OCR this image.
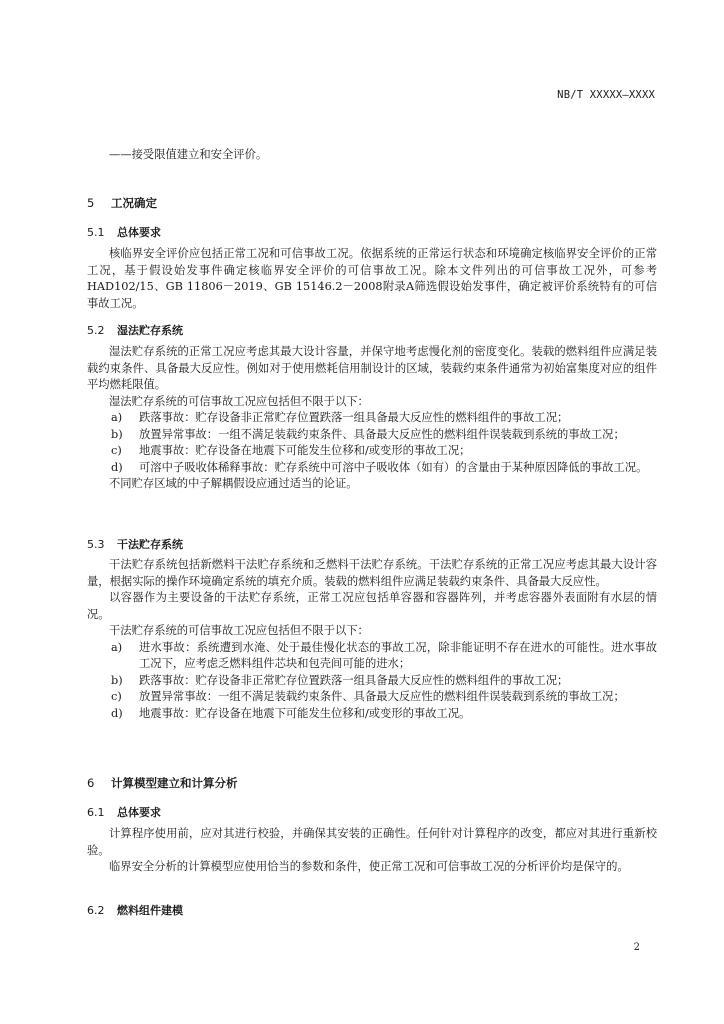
NB/T XXXXX—XXXX

——接受限值建立和安全评价。

5 工况确定
5.1 总体要求

核临界安全评价应包括正常工况和可信事故工况。依据系统的正常运行状态和环境确定核临界安全评价的正常工况，基于假设始发事件确定核临界安全评价的可信事故工况。除本文件列出的可信事故工况外，可参考HAD102/15、GB 11806－2019、GB 15146.2－2008附录A筛选假设始发事件，确定被评价系统特有的可信事故工况。

5.2 湿法贮存系统

湿法贮存系统的正常工况应考虑其最大设计容量，并保守地考虑慢化剂的密度变化。装载的燃料组件应满足装载约束条件、具备最大反应性。例如对于使用燃耗信用制设计的区域，装载约束条件通常为初始富集度对应的组件平均燃耗限值。

湿法贮存系统的可信事故工况应包括但不限于以下：

a)	跌落事故：贮存设备非正常贮存位置跌落一组具备最大反应性的燃料组件的事故工况；
b)	放置异常事故：一组不满足装载约束条件、具备最大反应性的燃料组件误装载到系统的事故工况；
c)	地震事故：贮存设备在地震下可能发生位移和/或变形的事故工况；
d)	可溶中子吸收体稀释事故：贮存系统中可溶中子吸收体（如有）的含量由于某种原因降低的事故工况。

不同贮存区域的中子解耦假设应通过适当的论证。

5.3 干法贮存系统

干法贮存系统包括新燃料干法贮存系统和乏燃料干法贮存系统。干法贮存系统的正常工况应考虑其最大设计容量，根据实际的操作环境确定系统的填充介质。装载的燃料组件应满足装载约束条件、具备最大反应性。

以容器作为主要设备的干法贮存系统，正常工况应包括单容器和容器阵列，并考虑容器外表面附有水层的情况。

干法贮存系统的可信事故工况应包括但不限于以下：

a)	进水事故：系统遭到水淹、处于最佳慢化状态的事故工况，除非能证明不存在进水的可能性。进水事故工况下，应考虑乏燃料组件芯块和包壳间可能的进水；
b)	跌落事故：贮存设备非正常贮存位置跌落一组具备最大反应性的燃料组件的事故工况；
c)	放置异常事故：一组不满足装载约束条件、具备最大反应性的燃料组件误装载到系统的事故工况；
d)	地震事故：贮存设备在地震下可能发生位移和/或变形的事故工况。
6 计算模型建立和计算分析
6.1 总体要求

计算程序使用前，应对其进行校验，并确保其安装的正确性。任何针对计算程序的改变，都应对其进行重新校验。

临界安全分析的计算模型应使用恰当的参数和条件，使正常工况和可信事故工况的分析评价均是保守的。

6.2 燃料组件建模
2
